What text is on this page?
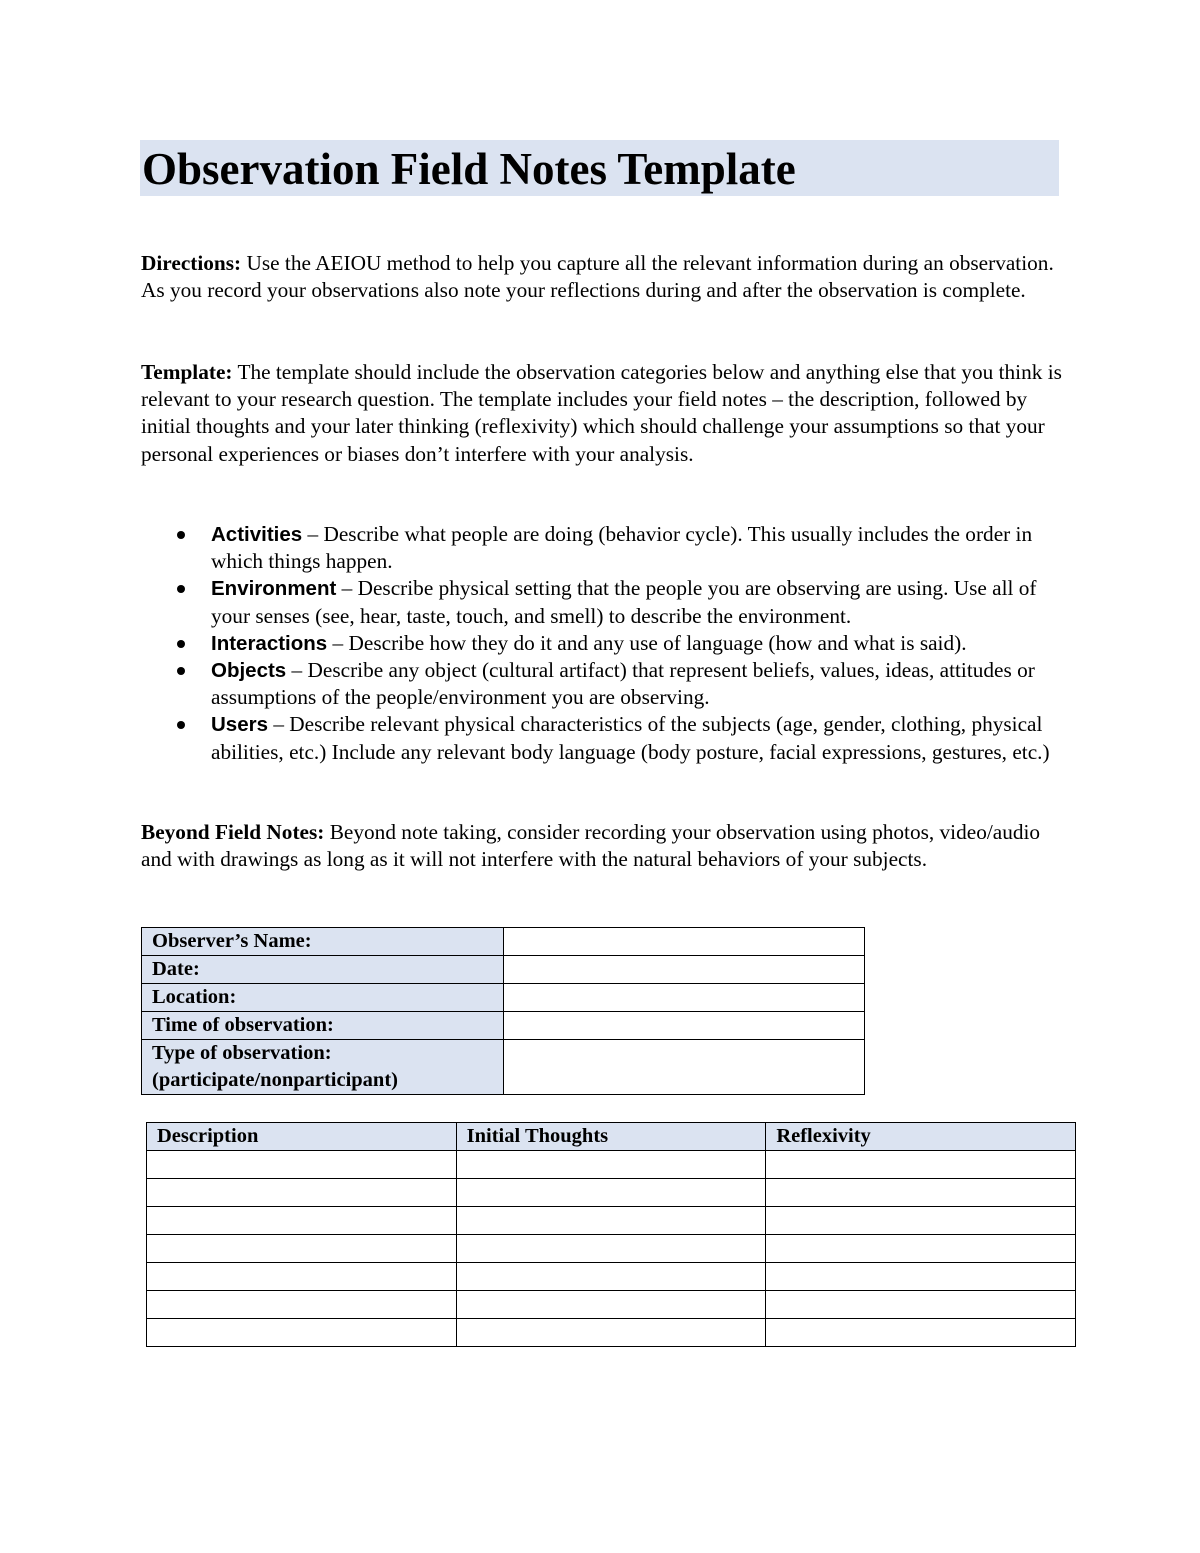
Observation Field Notes Template

Directions: Use the AEIOU method to help you capture all the relevant information during an observation. As you record your observations also note your reflections during and after the observation is complete.

Template: The template should include the observation categories below and anything else that you think is relevant to your research question. The template includes your field notes – the description, followed by initial thoughts and your later thinking (reflexivity) which should challenge your assumptions so that your personal experiences or biases don’t interfere with your analysis.

Activities – Describe what people are doing (behavior cycle). This usually includes the order in which things happen.
Environment – Describe physical setting that the people you are observing are using. Use all of your senses (see, hear, taste, touch, and smell) to describe the environment.
Interactions – Describe how they do it and any use of language (how and what is said).
Objects – Describe any object (cultural artifact) that represent beliefs, values, ideas, attitudes or assumptions of the people/environment you are observing.
Users – Describe relevant physical characteristics of the subjects (age, gender, clothing, physical abilities, etc.) Include any relevant body language (body posture, facial expressions, gestures, etc.)

Beyond Field Notes: Beyond note taking, consider recording your observation using photos, video/audio and with drawings as long as it will not interfere with the natural behaviors of your subjects.

Observer’s Name:	
Date:	
Location:	
Time of observation:	
Type of observation:
(participate/nonparticipant)	
Description	Initial Thoughts	Reflexivity
